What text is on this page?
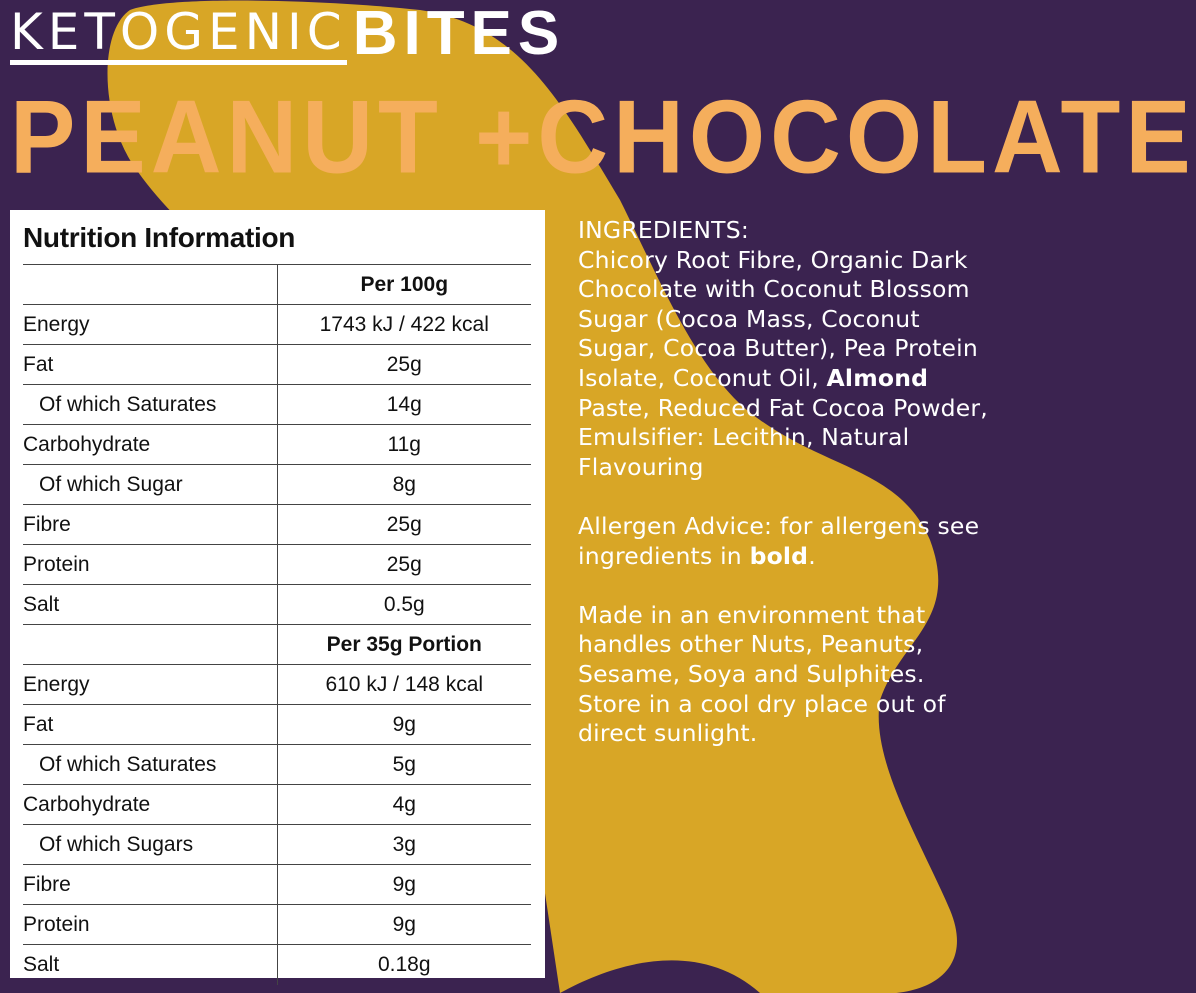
KETOGENIC BITES
PEANUT +CHOCOLATE
Nutrition Information
	Per 100g
Energy	1743 kJ / 422 kcal
Fat	25g
Of which Saturates	14g
Carbohydrate	11g
Of which Sugar	8g
Fibre	25g
Protein	25g
Salt	0.5g
	Per 35g Portion
Energy	610 kJ / 148 kcal
Fat	9g
Of which Saturates	5g
Carbohydrate	4g
Of which Sugars	3g
Fibre	9g
Protein	9g
Salt	0.18g

INGREDIENTS:
Chicory Root Fibre, Organic Dark Chocolate with Coconut Blossom Sugar (Cocoa Mass, Coconut Sugar, Cocoa Butter), Pea Protein Isolate, Coconut Oil, Almond Paste, Reduced Fat Cocoa Powder, Emulsifier: Lecithin, Natural Flavouring

Allergen Advice: for allergens see ingredients in bold.

Made in an environment that handles other Nuts, Peanuts, Sesame, Soya and Sulphites. Store in a cool dry place out of direct sunlight.
